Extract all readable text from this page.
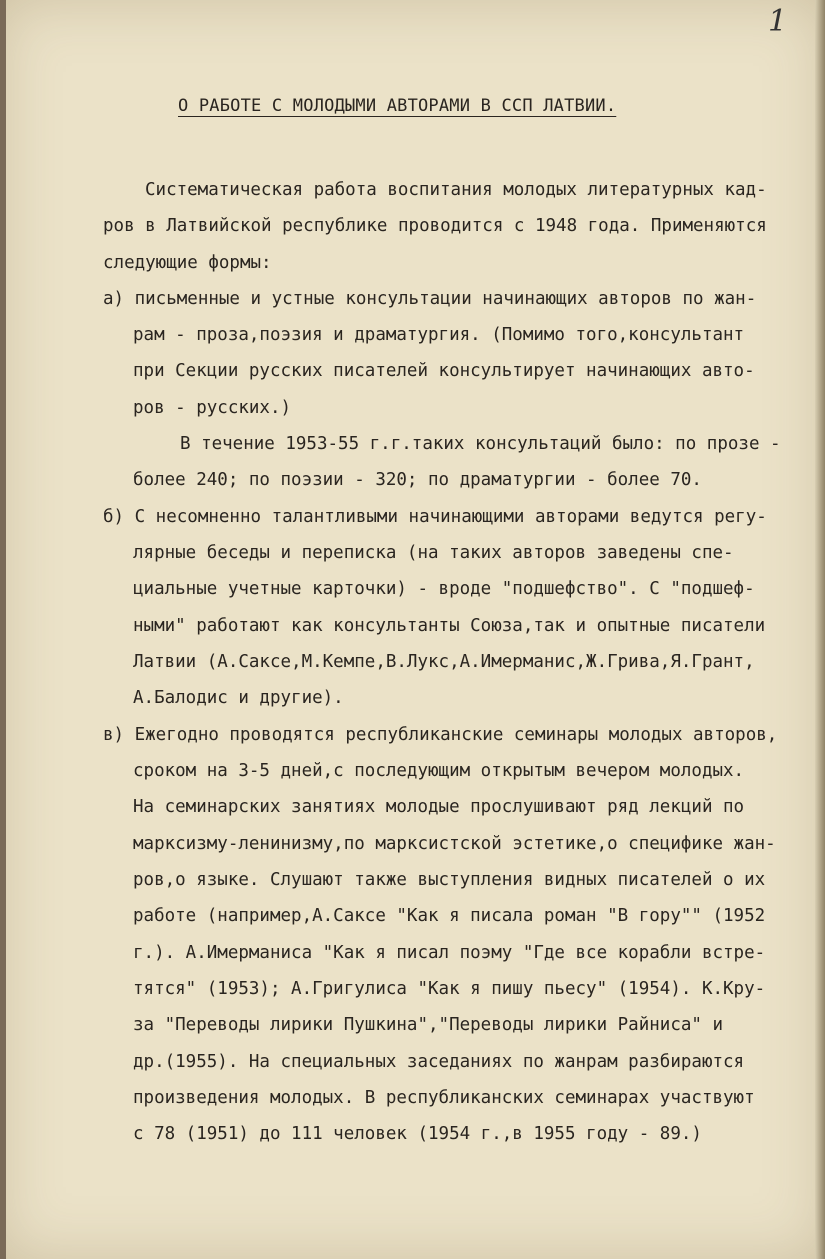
1
О РАБОТЕ С МОЛОДЫМИ АВТОРАМИ В ССП ЛАТВИИ.
Систематическая работа воспитания молодых литературных кад-
ров в Латвийской республике проводится с 1948 года. Применяются
следующие формы:
а) письменные и устные консультации начинающих авторов по жан-
рам - проза,поэзия и драматургия. (Помимо того,консультант
при Секции русских писателей консультирует начинающих авто-
ров - русских.)
В течение 1953-55 г.г.таких консультаций было: по прозе -
более 240; по поэзии - 320; по драматургии - более 70.
б) С несомненно талантливыми начинающими авторами ведутся регу-
лярные беседы и переписка (на таких авторов заведены спе-
циальные учетные карточки) - вроде "подшефство". С "подшеф-
ными" работают как консультанты Союза,так и опытные писатели
Латвии (А.Саксе,М.Кемпе,В.Лукс,А.Имерманис,Ж.Грива,Я.Грант,
А.Балодис и другие).
в) Ежегодно проводятся республиканские семинары молодых авторов,
сроком на 3-5 дней,с последующим открытым вечером молодых.
На семинарских занятиях молодые прослушивают ряд лекций по
марксизму-ленинизму,по марксистской эстетике,о специфике жан-
ров,о языке. Слушают также выступления видных писателей о их
работе (например,А.Саксе "Как я писала роман "В гору"" (1952
г.). А.Имерманиса "Как я писал поэму "Где все корабли встре-
тятся" (1953); А.Григулиса "Как я пишу пьесу" (1954). К.Кру-
за "Переводы лирики Пушкина","Переводы лирики Райниса" и
др.(1955). На специальных заседаниях по жанрам разбираются
произведения молодых. В республиканских семинарах участвуют
с 78 (1951) до 111 человек (1954 г.,в 1955 году - 89.)
